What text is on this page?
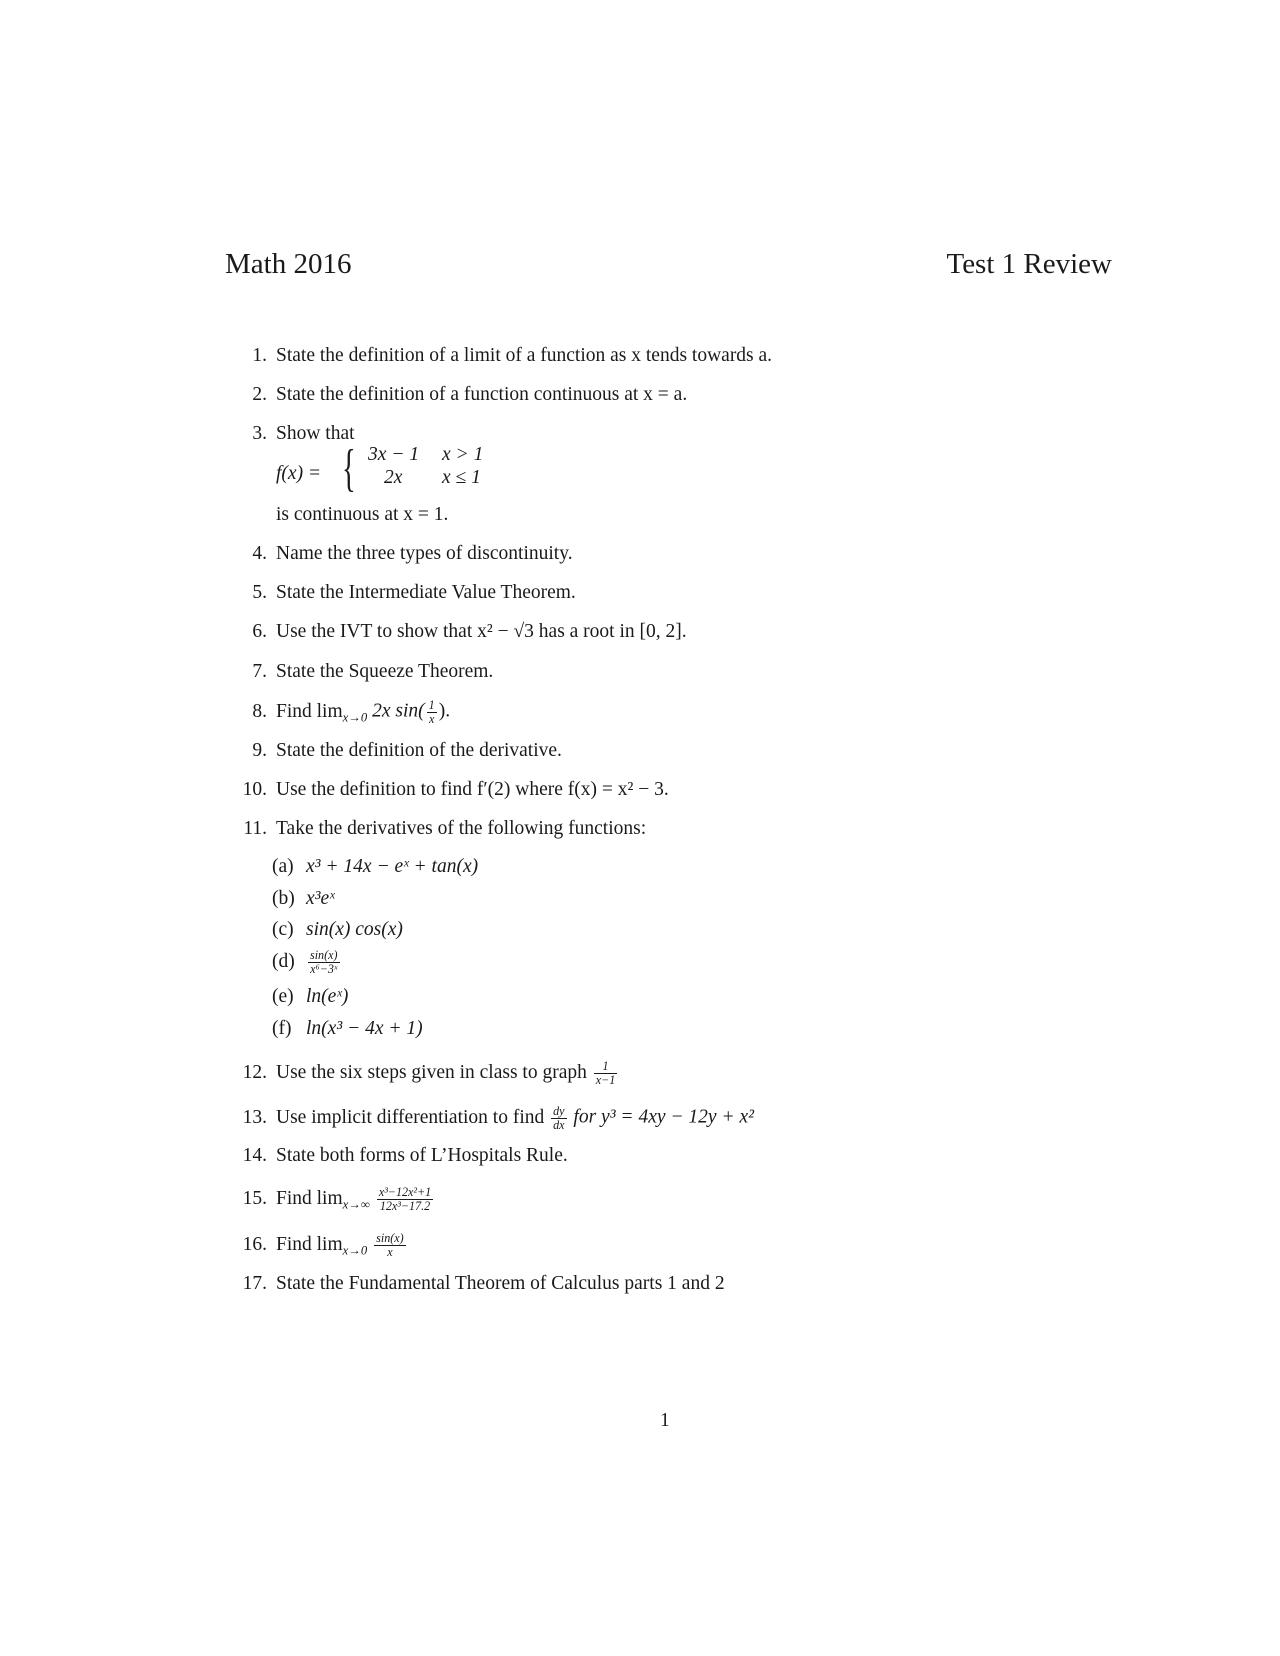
Math 2016	Test 1 Review
1. State the definition of a limit of a function as x tends towards a.
2. State the definition of a function continuous at x = a.
3. Show that
f(x) = { 3x − 1 x > 1
2x x ≤ 1
is continuous at x = 1.
4. Name the three types of discontinuity.
5. State the Intermediate Value Theorem.
6. Use the IVT to show that x² − √3 has a root in [0, 2].
7. State the Squeeze Theorem.
8. Find $\lim_{x\to 0} 2x$ $\sin( \frac{1}{x}$ ).
9. State the definition of the derivative.
10. Use the definition to find f′(2) where f(x) = x² − 3.
11. Take the derivatives of the following functions:
(a) x³ + 14x − eˣ + tan(x)
(b) x³eˣ
(c) sin(x) cos(x)
$(d) \frac{\sin(x)}{\text{x⁶−3ˣ}}$
(e) ln(eˣ)
(f) ln(x³ − 4x + 1)
12. Use the six steps given in class to graph $\frac{1}{x-1}$
13. Use implicit differentiation to find $\frac{dy}{dx}$ for y³ = 4xy − 12y + x²
14. State both forms of L’Hospitals Rule.
15. Find $\lim_{x\to\infty} \frac{\text{x³−12x²+1}}{\text{12x³−17.2}}$
16. Find $\lim_{x\to 0} \frac{\sin(x)}{x}$
17. State the Fundamental Theorem of Calculus parts 1 and 2
1
